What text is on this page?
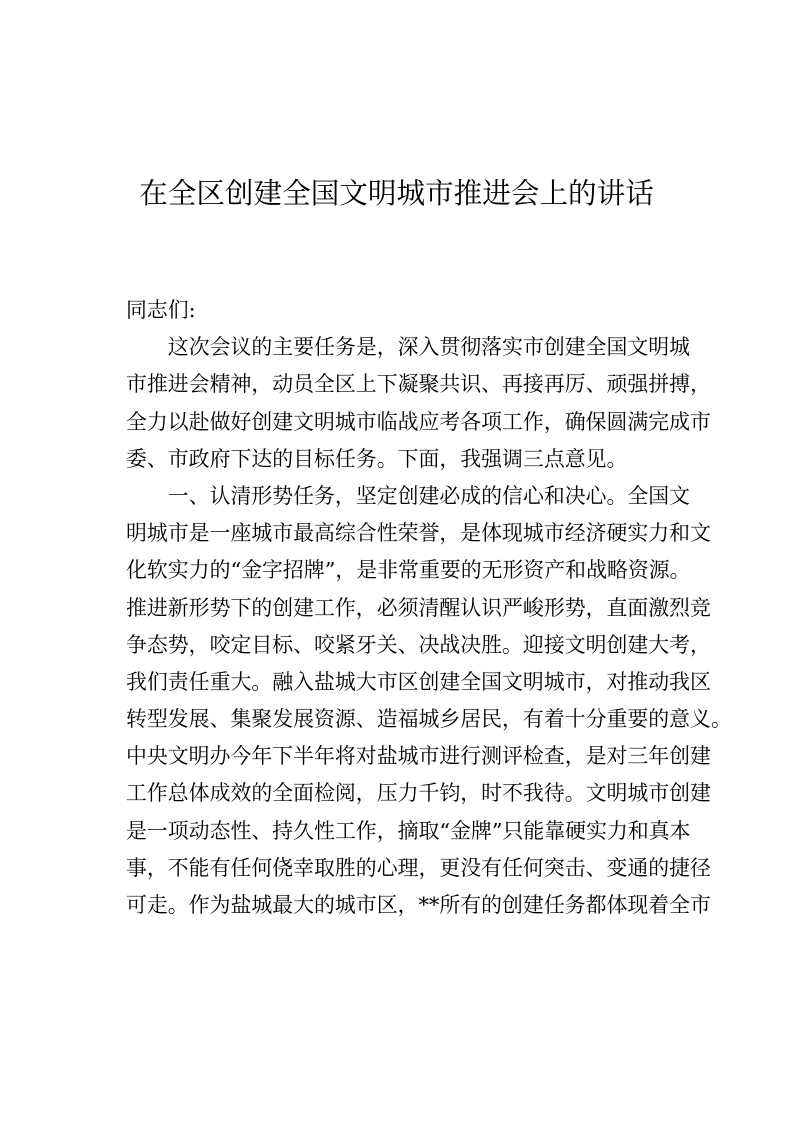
在全区创建全国文明城市推进会上的讲话
同志们:
这次会议的主要任务是，深入贯彻落实市创建全国文明城
市推进会精神，动员全区上下凝聚共识、再接再厉、顽强拼搏，
全力以赴做好创建文明城市临战应考各项工作，确保圆满完成市
委、市政府下达的目标任务。下面，我强调三点意见。
一、认清形势任务，坚定创建必成的信心和决心。全国文
明城市是一座城市最高综合性荣誉，是体现城市经济硬实力和文
化软实力的“金字招牌”，是非常重要的无形资产和战略资源。
推进新形势下的创建工作，必须清醒认识严峻形势，直面激烈竞
争态势，咬定目标、咬紧牙关、决战决胜。迎接文明创建大考，
我们责任重大。融入盐城大市区创建全国文明城市，对推动我区
转型发展、集聚发展资源、造福城乡居民，有着十分重要的意义。
中央文明办今年下半年将对盐城市进行测评检查，是对三年创建
工作总体成效的全面检阅，压力千钧，时不我待。文明城市创建
是一项动态性、持久性工作，摘取“金牌”只能靠硬实力和真本
事，不能有任何侥幸取胜的心理，更没有任何突击、变通的捷径
可走。作为盐城最大的城市区，**所有的创建任务都体现着全市
